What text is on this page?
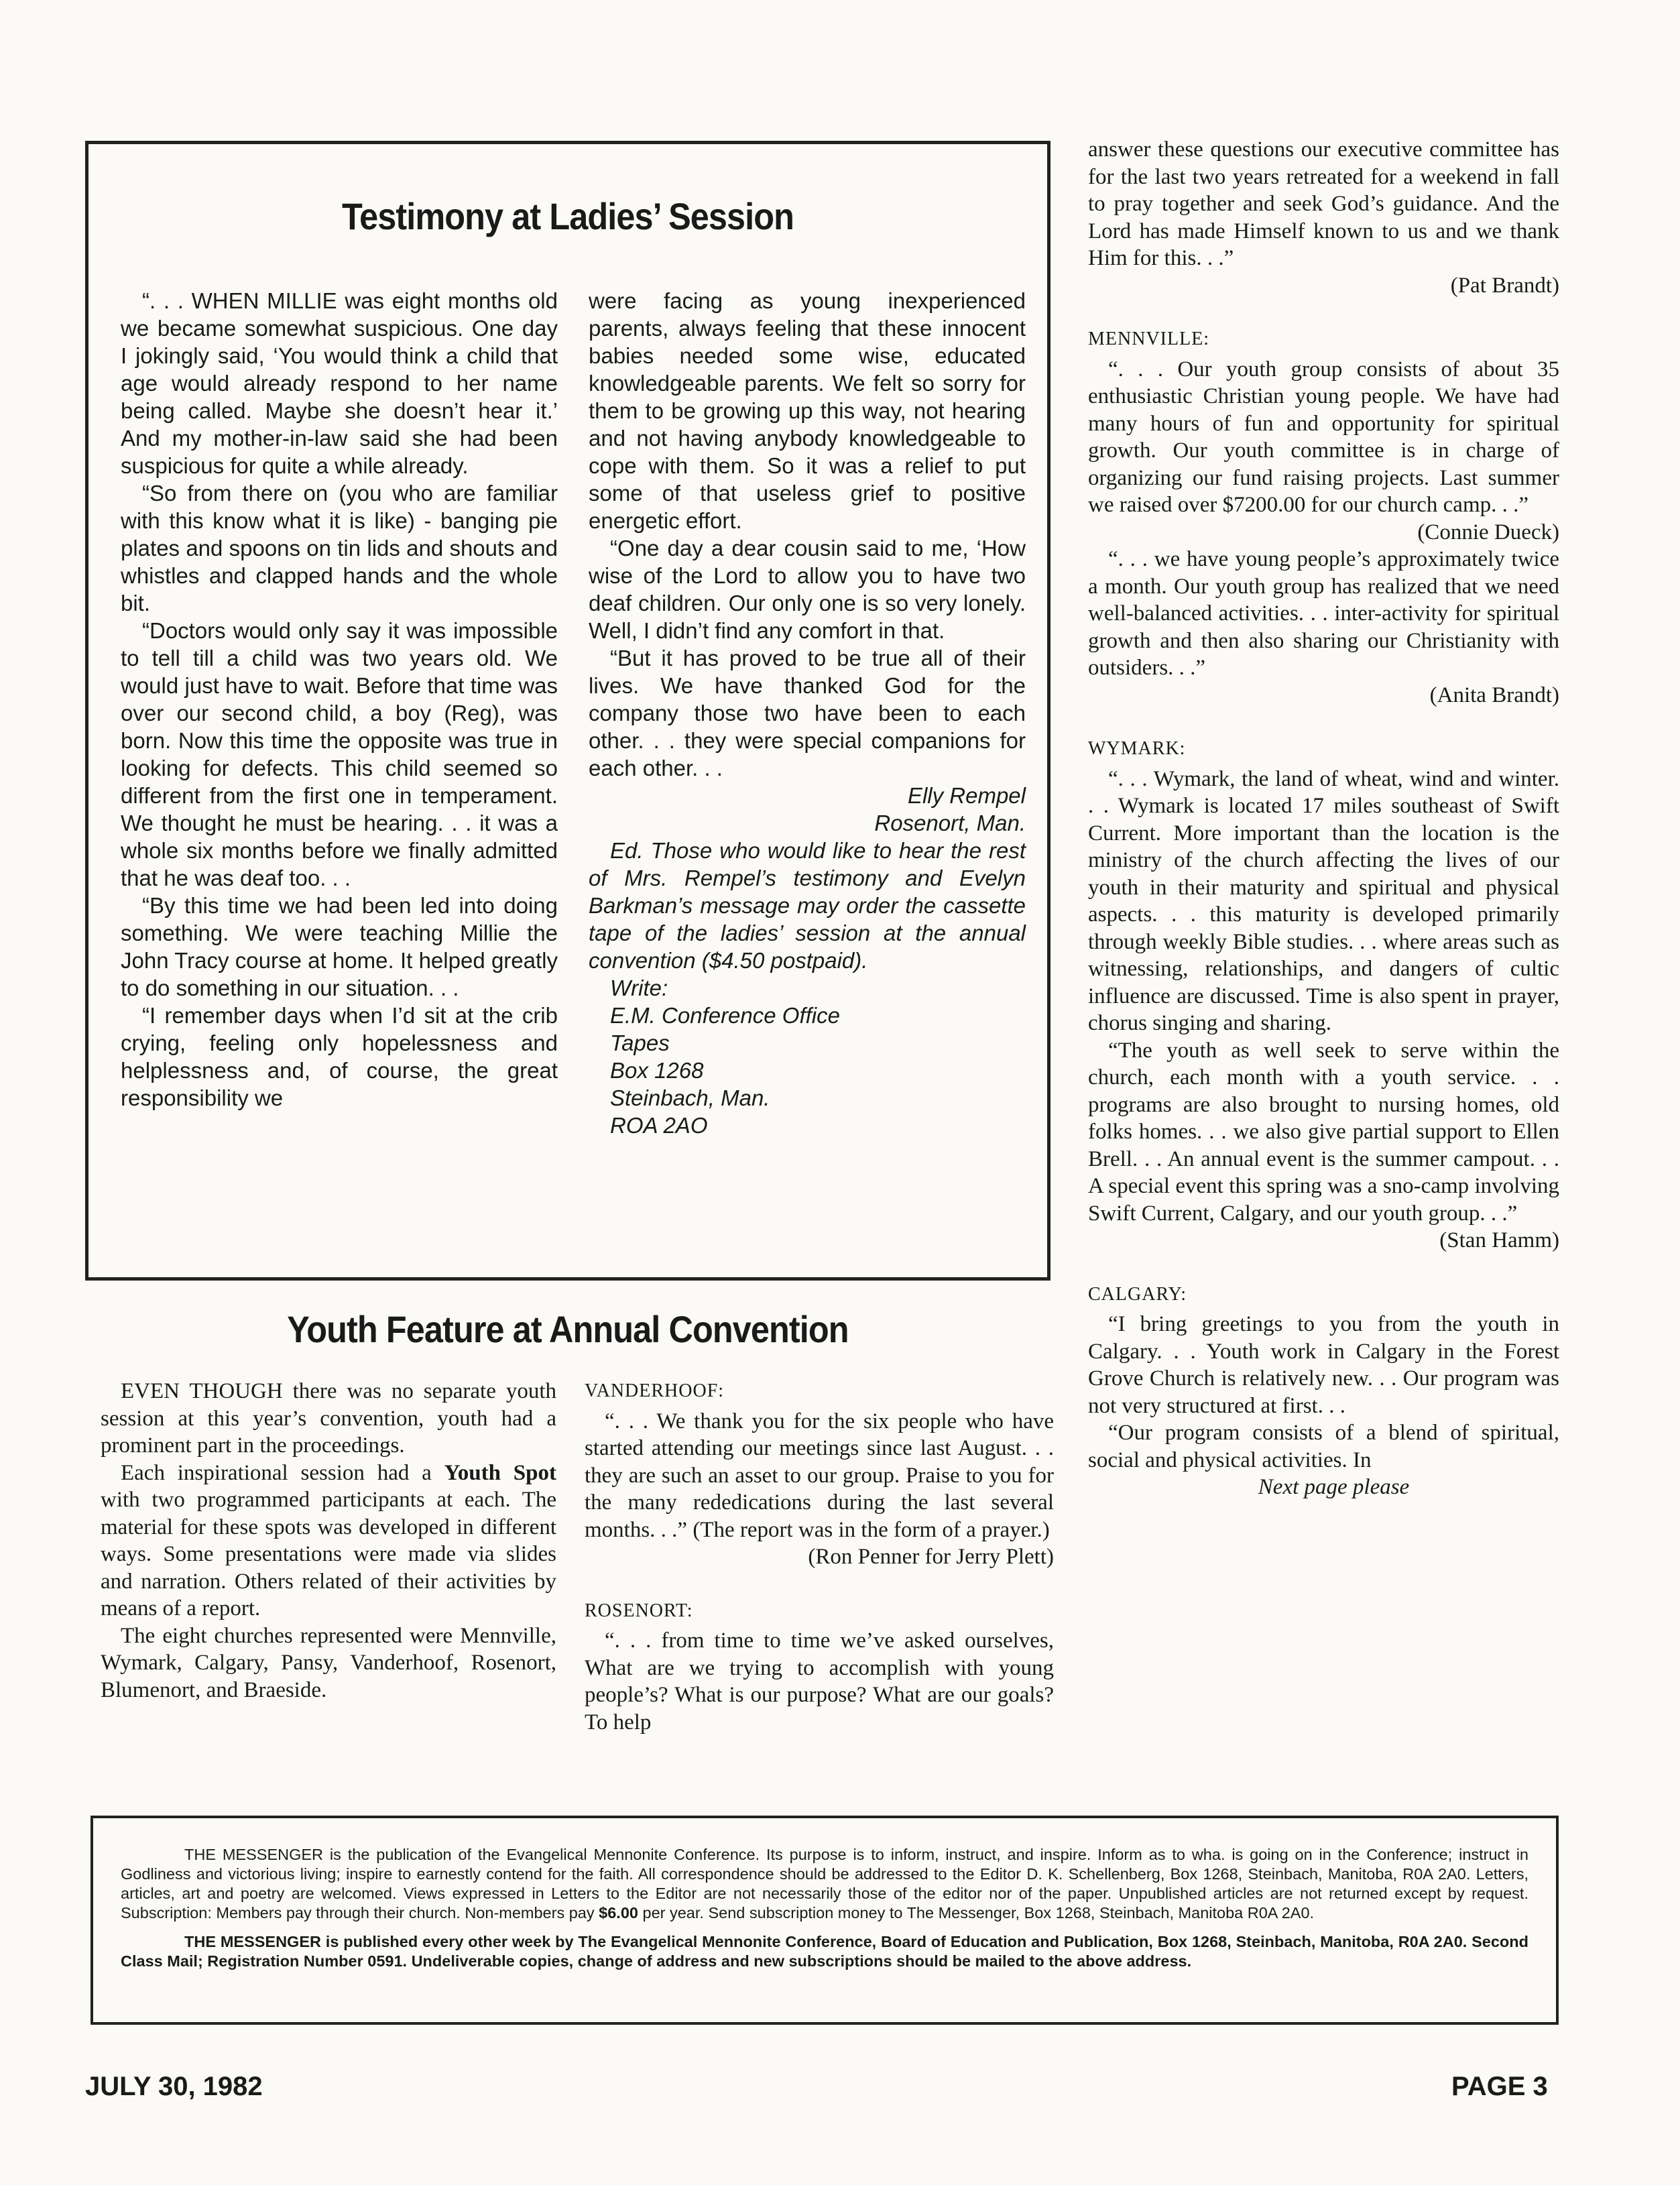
Testimony at Ladies’ Session

“. . . WHEN MILLIE was eight months old we became somewhat suspicious. One day I jokingly said, ‘You would think a child that age would already respond to her name being called. Maybe she doesn’t hear it.’ And my mother-in-law said she had been suspicious for quite a while already.

“So from there on (you who are familiar with this know what it is like) - banging pie plates and spoons on tin lids and shouts and whistles and clapped hands and the whole bit.

“Doctors would only say it was impossible to tell till a child was two years old. We would just have to wait. Before that time was over our second child, a boy (Reg), was born. Now this time the opposite was true in looking for defects. This child seemed so different from the first one in temperament. We thought he must be hearing. . . it was a whole six months before we finally admitted that he was deaf too. . .

“By this time we had been led into doing something. We were teaching Millie the John Tracy course at home. It helped greatly to do something in our situation. . .

“I remember days when I’d sit at the crib crying, feeling only hopelessness and helplessness and, of course, the great responsibility we

were facing as young inexperienced parents, always feeling that these innocent babies needed some wise, educated knowledgeable parents. We felt so sorry for them to be growing up this way, not hearing and not having anybody knowledgeable to cope with them. So it was a relief to put some of that useless grief to positive energetic effort.

“One day a dear cousin said to me, ‘How wise of the Lord to allow you to have two deaf children. Our only one is so very lonely. Well, I didn’t find any comfort in that.

“But it has proved to be true all of their lives. We have thanked God for the company those two have been to each other. . . they were special companions for each other. . .

Elly Rempel
Rosenort, Man.

Ed. Those who would like to hear the rest of Mrs. Rempel’s testimony and Evelyn Barkman’s message may order the cassette tape of the ladies’ session at the annual convention ($4.50 postpaid).

Write:
E.M. Conference Office
Tapes
Box 1268
Steinbach, Man.
ROA 2AO
Youth Feature at Annual Convention

EVEN THOUGH there was no separate youth session at this year’s convention, youth had a prominent part in the proceedings.

Each inspirational session had a Youth Spot with two programmed participants at each. The material for these spots was developed in different ways. Some presentations were made via slides and narration. Others related of their activities by means of a report.

The eight churches represented were Mennville, Wymark, Calgary, Pansy, Vanderhoof, Rosenort, Blumenort, and Braeside.

VANDERHOOF:

“. . . We thank you for the six people who have started attending our meetings since last August. . . they are such an asset to our group. Praise to you for the many rededications during the last several months. . .” (The report was in the form of a prayer.)

(Ron Penner for Jerry Plett)

ROSENORT:

“. . . from time to time we’ve asked ourselves, What are we trying to accomplish with young people’s? What is our purpose? What are our goals? To help

answer these questions our executive committee has for the last two years retreated for a weekend in fall to pray together and seek God’s guidance. And the Lord has made Himself known to us and we thank Him for this. . .”

(Pat Brandt)

MENNVILLE:

“. . . Our youth group consists of about 35 enthusiastic Christian young people. We have had many hours of fun and opportunity for spiritual growth. Our youth committee is in charge of organizing our fund raising projects. Last summer we raised over $7200.00 for our church camp. . .”

(Connie Dueck)

“. . . we have young people’s approximately twice a month. Our youth group has realized that we need well-balanced activities. . . inter-activity for spiritual growth and then also sharing our Christianity with outsiders. . .”

(Anita Brandt)

WYMARK:

“. . . Wymark, the land of wheat, wind and winter. . . Wymark is located 17 miles southeast of Swift Current. More important than the location is the ministry of the church affecting the lives of our youth in their maturity and spiritual and physical aspects. . . this maturity is developed primarily through weekly Bible studies. . . where areas such as witnessing, relationships, and dangers of cultic influence are discussed. Time is also spent in prayer, chorus singing and sharing.

“The youth as well seek to serve within the church, each month with a youth service. . . programs are also brought to nursing homes, old folks homes. . . we also give partial support to Ellen Brell. . . An annual event is the summer campout. . . A special event this spring was a sno-camp involving Swift Current, Calgary, and our youth group. . .”

(Stan Hamm)

CALGARY:

“I bring greetings to you from the youth in Calgary. . . Youth work in Calgary in the Forest Grove Church is relatively new. . . Our program was not very structured at first. . .

“Our program consists of a blend of spiritual, social and physical activities. In

Next page please

THE MESSENGER is the publication of the Evangelical Mennonite Conference. Its purpose is to inform, instruct, and inspire. Inform as to wha. is going on in the Conference; instruct in Godliness and victorious living; inspire to earnestly contend for the faith. All correspondence should be addressed to the Editor D. K. Schellenberg, Box 1268, Steinbach, Manitoba, R0A 2A0. Letters, articles, art and poetry are welcomed. Views expressed in Letters to the Editor are not necessarily those of the editor nor of the paper. Unpublished articles are not returned except by request. Subscription: Members pay through their church. Non-members pay $6.00 per year. Send subscription money to The Messenger, Box 1268, Steinbach, Manitoba R0A 2A0.

THE MESSENGER is published every other week by The Evangelical Mennonite Conference, Board of Education and Publication, Box 1268, Steinbach, Manitoba, R0A 2A0. Second Class Mail; Registration Number 0591. Undeliverable copies, change of address and new subscriptions should be mailed to the above address.

JULY 30, 1982	PAGE 3
